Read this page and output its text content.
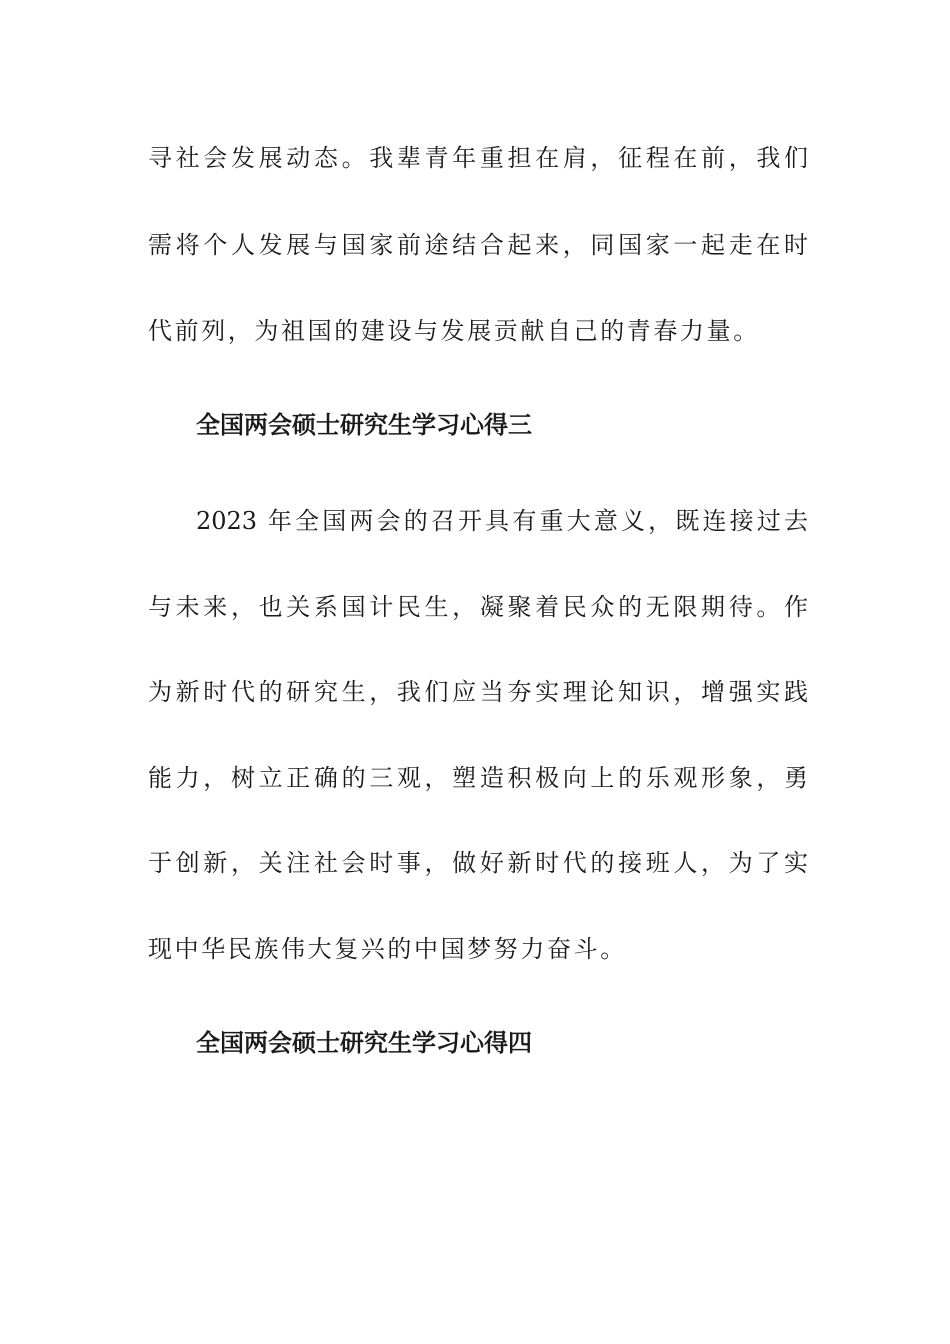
寻社会发展动态。我辈青年重担在肩，征程在前，我们
需将个人发展与国家前途结合起来，同国家一起走在时
代前列，为祖国的建设与发展贡献自己的青春力量。
全国两会硕士研究生学习心得三
2023 年全国两会的召开具有重大意义，既连接过去
与未来，也关系国计民生，凝聚着民众的无限期待。作
为新时代的研究生，我们应当夯实理论知识，增强实践
能力，树立正确的三观，塑造积极向上的乐观形象，勇
于创新，关注社会时事，做好新时代的接班人，为了实
现中华民族伟大复兴的中国梦努力奋斗。
全国两会硕士研究生学习心得四
